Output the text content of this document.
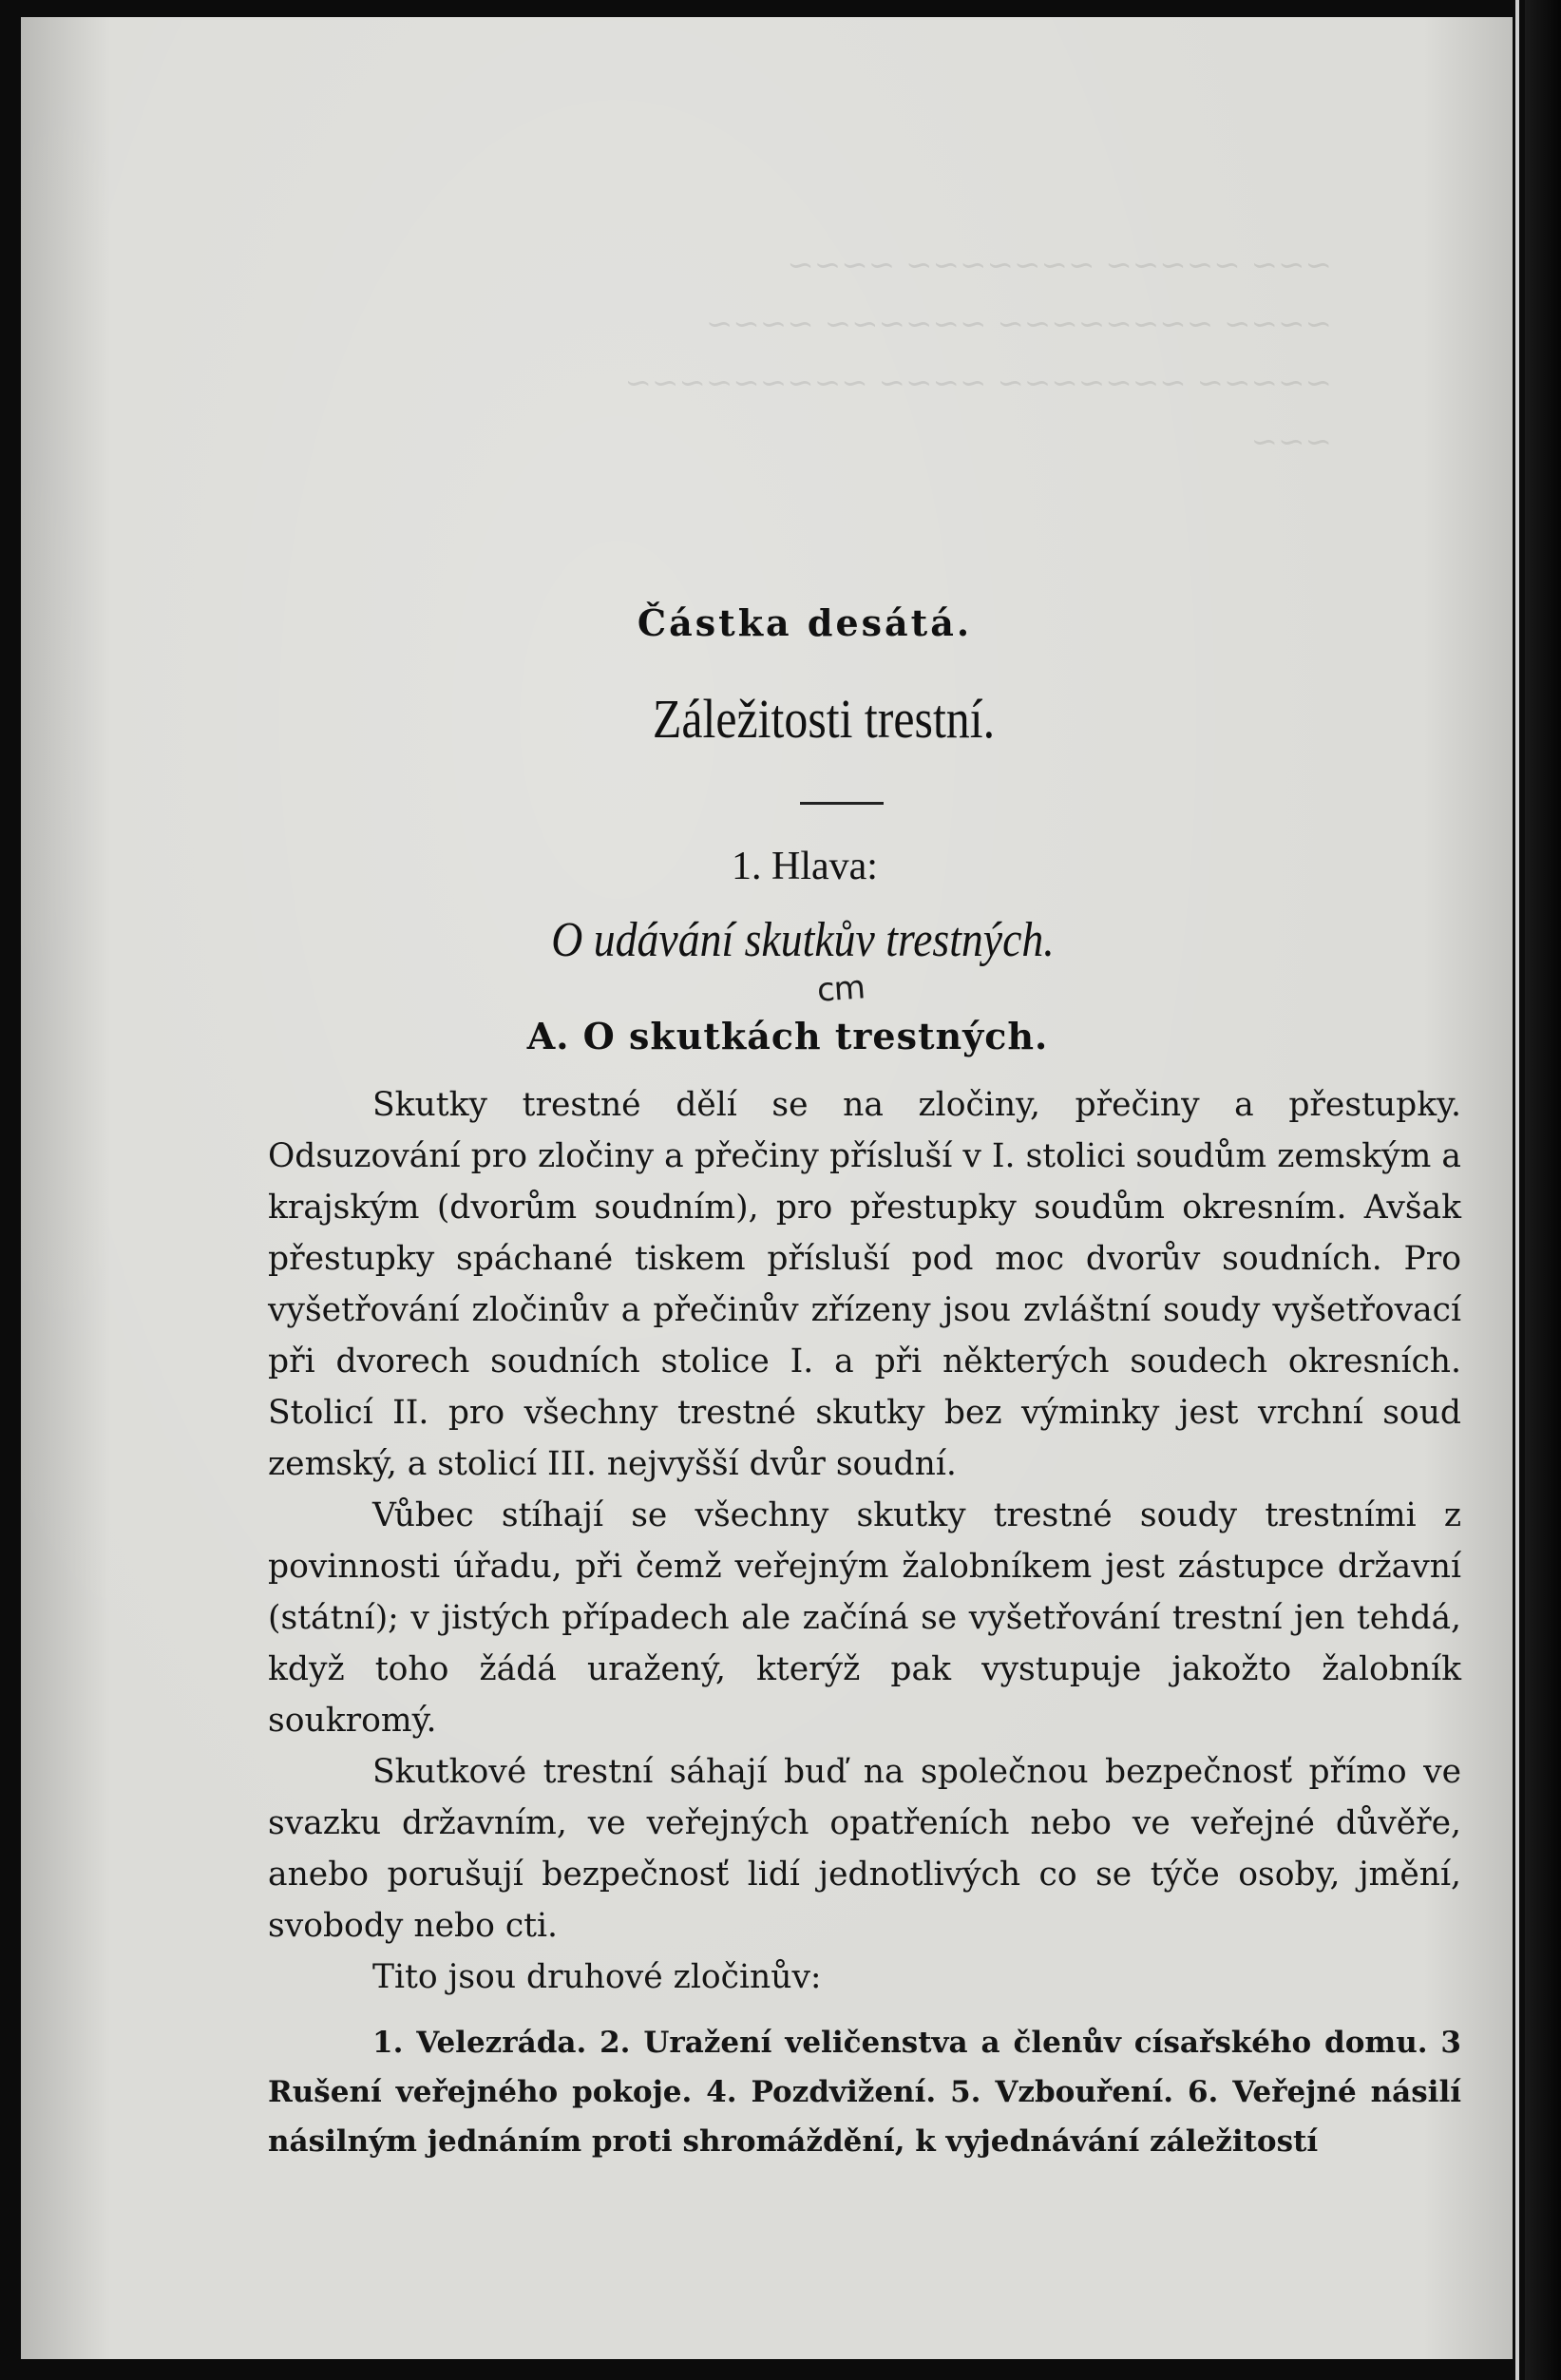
~~~ ~~~~~ ~~~~~~~ ~~~~
~~~~ ~~~~~~~~ ~~~~~~ ~~~~
~~~~~ ~~~~~~~ ~~~~ ~~~~~~~~~ ~~~
Částka desátá.
Záležitosti trestní.
1. Hlava:
O udávání skutkův trestných.
cm
A. O skutkách trestných.

Skutky trestné dělí se na zločiny, přečiny a přestupky. Odsuzování pro zločiny a přečiny přísluší v I. stolici soudům zemským a krajským (dvorům soudním), pro přestupky soudům okresním. Avšak přestupky spáchané tiskem přísluší pod moc dvorův soudních. Pro vyšetřování zločinův a přečinův zřízeny jsou zvláštní soudy vyšetřovací při dvorech soudních stolice I. a při některých soudech okresních. Stolicí II. pro všechny trestné skutky bez výminky jest vrchní soud zemský, a stolicí III. nejvyšší dvůr soudní.

Vůbec stíhají se všechny skutky trestné soudy trestními z povinnosti úřadu, při čemž veřejným žalobníkem jest zástupce državní (státní); v jistých případech ale začíná se vyšetřování trestní jen tehdá, když toho žádá uražený, kterýž pak vystupuje jakožto žalobník soukromý.

Skutkové trestní sáhají buď na společnou bezpečnosť přímo ve svazku državním, ve veřejných opatřeních nebo ve veřejné důvěře, anebo porušují bezpečnosť lidí jednotlivých co se týče osoby, jmění, svobody nebo cti.

Tito jsou druhové zločinův:

1. Velezráda. 2. Uražení veličenstva a členův císařského domu. 3 Rušení veřejného pokoje. 4. Pozdvižení. 5. Vzbouření. 6. Veřejné násilí násilným jednáním proti shromáždění, k vyjednávání záležitostí
